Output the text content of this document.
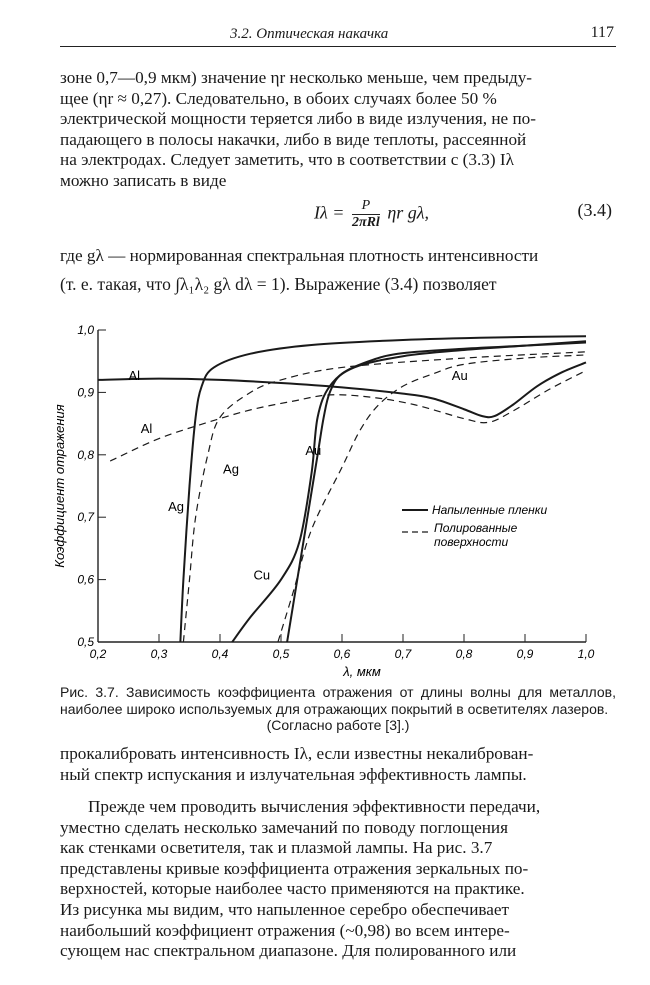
3.2. Оптическая накачка	117

зоне 0,7—0,9 мкм) значение ηr несколько меньше, чем предыду-

щее (ηr ≈ 0,27). Следовательно, в обоих случаях более 50 %

электрической мощности теряется либо в виде излучения, не по-

падающего в полосы накачки, либо в виде теплоты, рассеянной

на электродах. Следует заметить, что в соответствии с (3.3) Iλ

можно записать в виде

$I\lambda = \frac{P}{\text{2πRl}}$ ηr gλ,	(3.4)

где gλ — нормированная спектральная плотность интенсивности

(т. е. такая, что ∫λ₁λ₂ gλ dλ = 1). Выражение (3.4) позволяет

0,2	0,3	0,4	0,5	0,6	0,7	0,8	0,9	1,0
0,5
0,6
0,7
0,8
0,9
1,0
λ, мкм
Коэффициент отражения
Al
Al
Ag
Ag
Au
Au
Cu
Напыленные пленки
Полированные
поверхности
Рис. 3.7. Зависимость коэффициента отражения от длины волны для металлов, наиболее широко используемых для отражающих покрытий в осветителях лазеров.
(Согласно работе [3].)

прокалибровать интенсивность Iλ, если известны некалиброван-

ный спектр испускания и излучательная эффективность лампы.

Прежде чем проводить вычисления эффективности передачи,

уместно сделать несколько замечаний по поводу поглощения

как стенками осветителя, так и плазмой лампы. На рис. 3.7

представлены кривые коэффициента отражения зеркальных по-

верхностей, которые наиболее часто применяются на практике.

Из рисунка мы видим, что напыленное серебро обеспечивает

наибольший коэффициент отражения (~0,98) во всем интере-

сующем нас спектральном диапазоне. Для полированного или
